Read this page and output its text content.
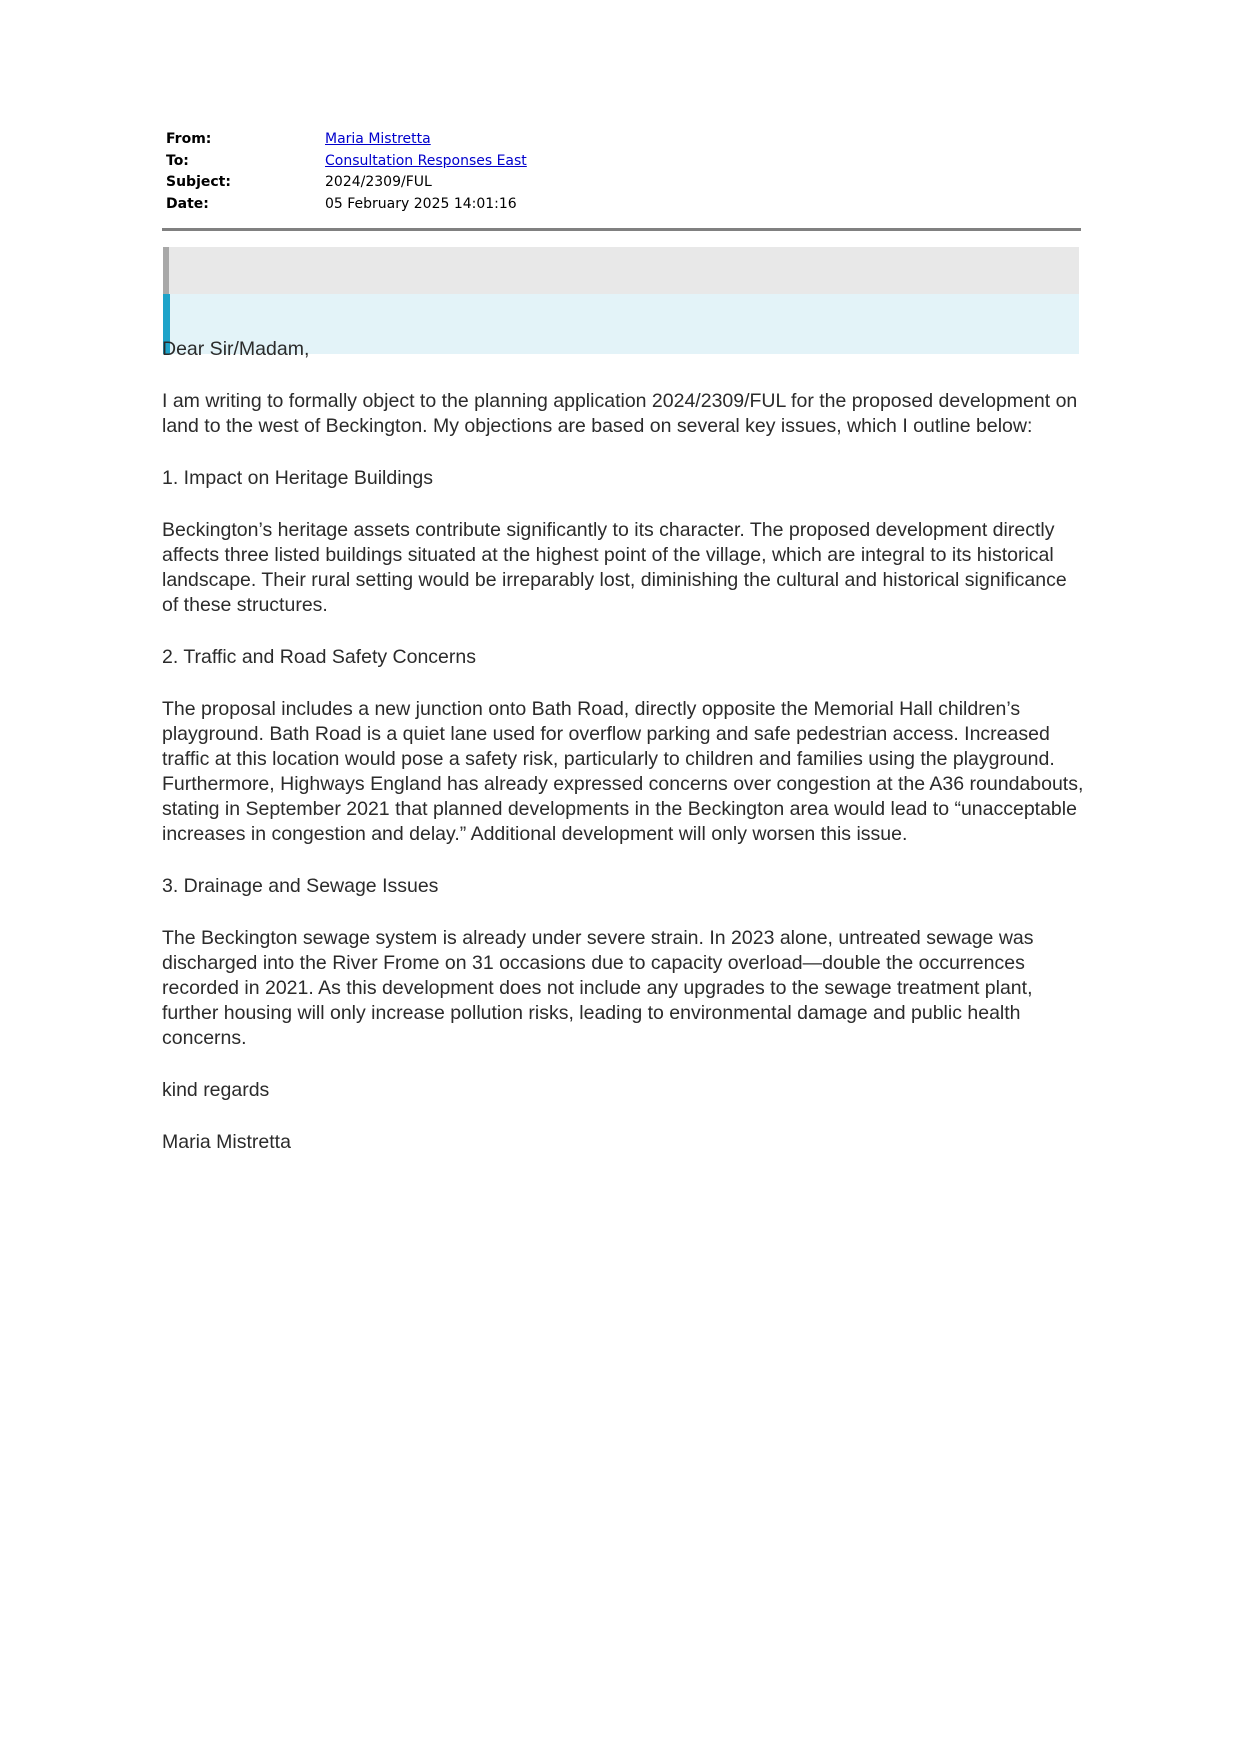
From:	Maria Mistretta
To:	Consultation Responses East
Subject:	2024/2309/FUL
Date:	05 February 2025 14:01:16

Dear Sir/Madam,

I am writing to formally object to the planning application 2024/2309/FUL for the proposed development on land to the west of Beckington. My objections are based on several key issues, which I outline below:

1. Impact on Heritage Buildings

Beckington’s heritage assets contribute significantly to its character. The proposed development directly affects three listed buildings situated at the highest point of the village, which are integral to its historical landscape. Their rural setting would be irreparably lost, diminishing the cultural and historical significance of these structures.

2. Traffic and Road Safety Concerns

The proposal includes a new junction onto Bath Road, directly opposite the Memorial Hall children’s playground. Bath Road is a quiet lane used for overflow parking and safe pedestrian access. Increased traffic at this location would pose a safety risk, particularly to children and families using the playground. Furthermore, Highways England has already expressed concerns over congestion at the A36 roundabouts, stating in September 2021 that planned developments in the Beckington area would lead to “unacceptable increases in congestion and delay.” Additional development will only worsen this issue.

3. Drainage and Sewage Issues

The Beckington sewage system is already under severe strain. In 2023 alone, untreated sewage was discharged into the River Frome on 31 occasions due to capacity overload—double the occurrences recorded in 2021. As this development does not include any upgrades to the sewage treatment plant, further housing will only increase pollution risks, leading to environmental damage and public health concerns.

kind regards

Maria Mistretta
